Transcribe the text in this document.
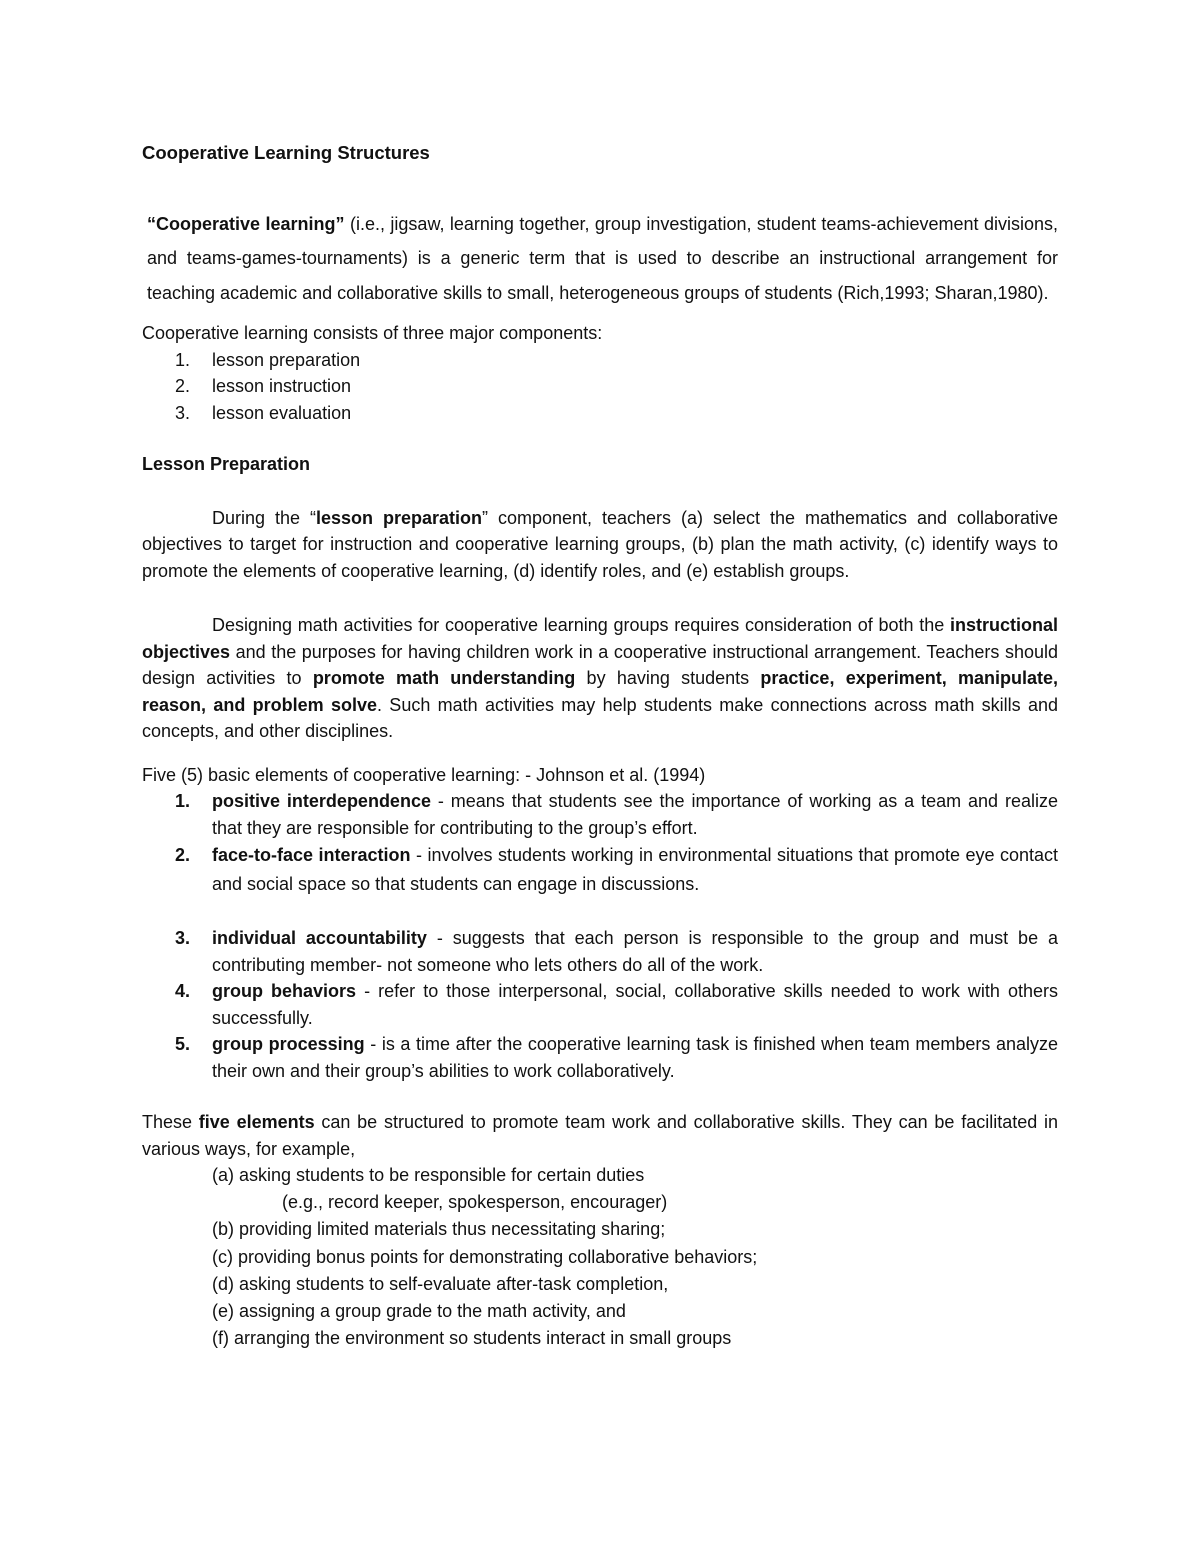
Cooperative Learning Structures

“Cooperative learning” (i.e., jigsaw, learning together, group investigation, student teams-achievement divisions, and teams-games-tournaments) is a generic term that is used to describe an instructional arrangement for teaching academic and collaborative skills to small, heterogeneous groups of students (Rich,1993; Sharan,1980).

Cooperative learning consists of three major components:

1. lesson preparation
2. lesson instruction
3. lesson evaluation

Lesson Preparation

During the “lesson preparation” component, teachers (a) select the mathematics and collaborative objectives to target for instruction and cooperative learning groups, (b) plan the math activity, (c) identify ways to promote the elements of cooperative learning, (d) identify roles, and (e) establish groups.

Designing math activities for cooperative learning groups requires consideration of both the instructional objectives and the purposes for having children work in a cooperative instructional arrangement. Teachers should design activities to promote math understanding by having students practice, experiment, manipulate, reason, and problem solve. Such math activities may help students make connections across math skills and concepts, and other disciplines.

Five (5) basic elements of cooperative learning: - Johnson et al. (1994)

1. positive interdependence - means that students see the importance of working as a team and realize that they are responsible for contributing to the group’s effort.
2. face-to-face interaction - involves students working in environmental situations that promote eye contact and social space so that students can engage in discussions.
3. individual accountability - suggests that each person is responsible to the group and must be a contributing member- not someone who lets others do all of the work.
4. group behaviors - refer to those interpersonal, social, collaborative skills needed to work with others successfully.
5. group processing - is a time after the cooperative learning task is finished when team members analyze their own and their group’s abilities to work collaboratively.

These five elements can be structured to promote team work and collaborative skills. They can be facilitated in various ways, for example,

(a) asking students to be responsible for certain duties
(e.g., record keeper, spokesperson, encourager)
(b) providing limited materials thus necessitating sharing;
(c) providing bonus points for demonstrating collaborative behaviors;
(d) asking students to self-evaluate after-task completion,
(e) assigning a group grade to the math activity, and
(f) arranging the environment so students interact in small groups
